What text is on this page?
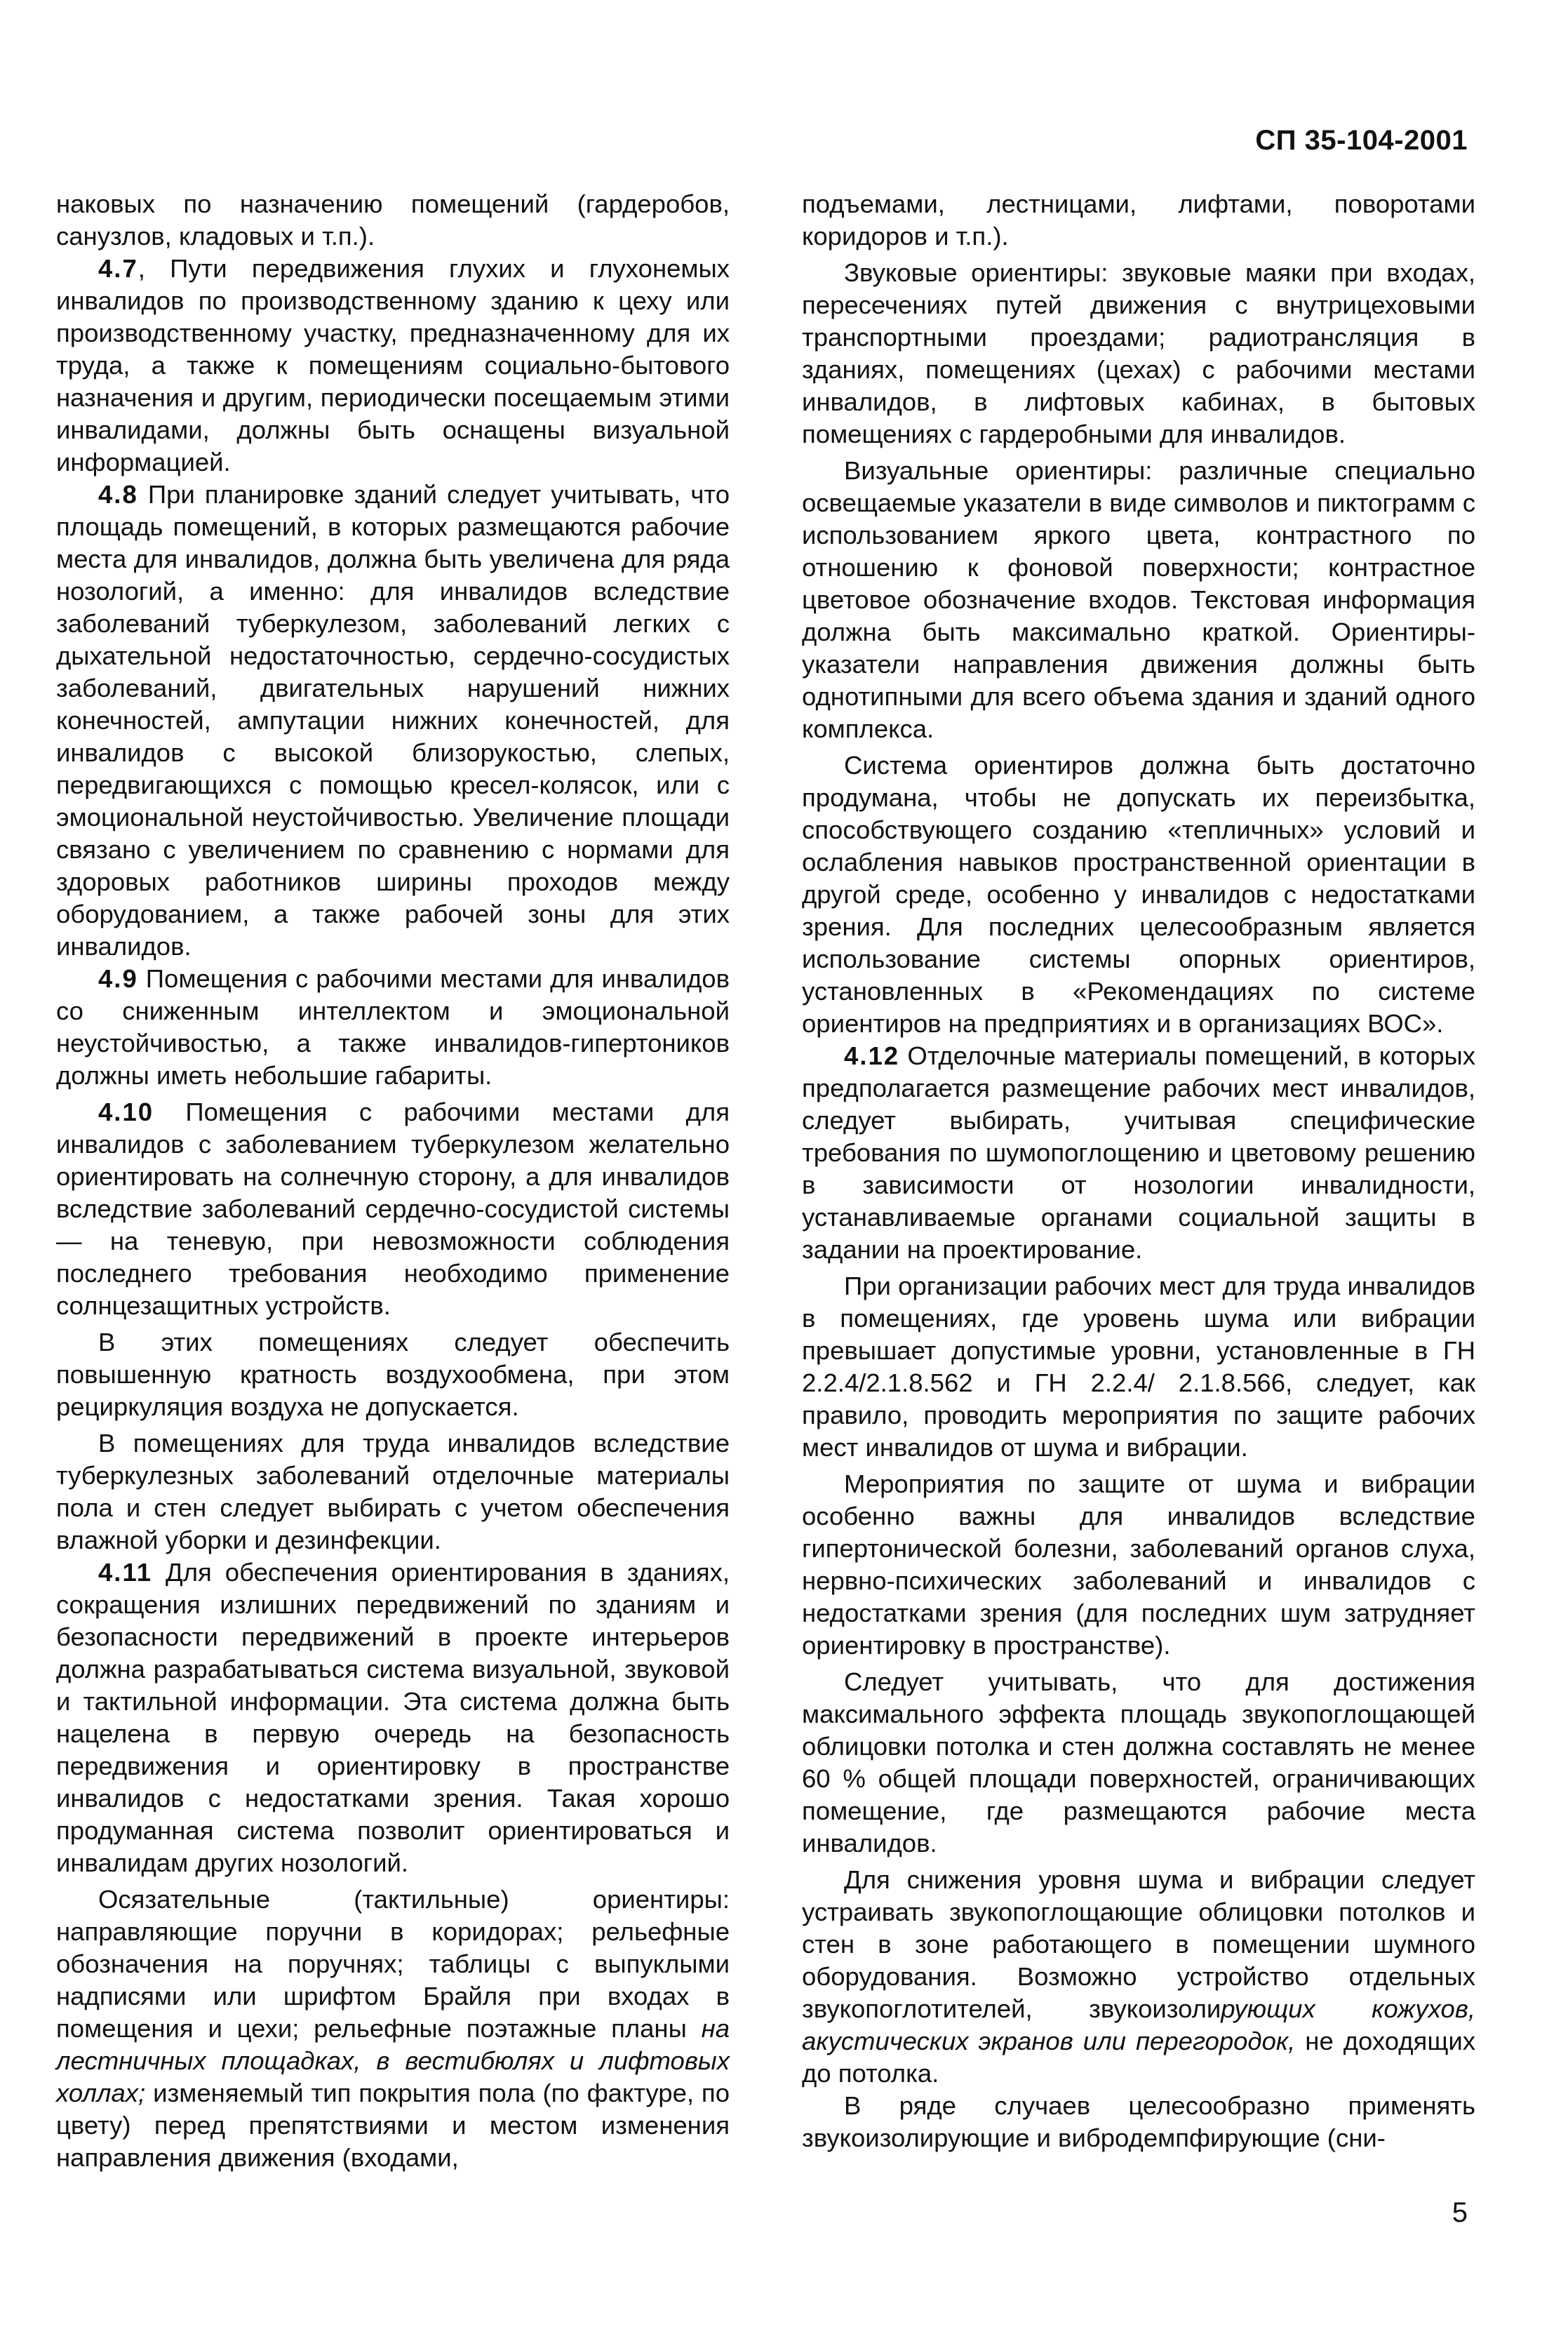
СП 35-104-2001

наковых по назначению помещений (гардеробов, санузлов, кладовых и т.п.).

4.7, Пути передвижения глухих и глухонемых инвалидов по производственному зданию к цеху или производственному участку, предназначенному для их труда, а также к помещениям социально-бытового назначения и другим, периодически посещаемым этими инвалидами, должны быть оснащены визуальной информацией.

4.8 При планировке зданий следует учитывать, что площадь помещений, в которых размещаются рабочие места для инвалидов, должна быть увеличена для ряда нозологий, а именно: для инвалидов вследствие заболеваний туберкулезом, заболеваний легких с дыхательной недостаточностью, сердечно-сосудистых заболеваний, двигательных нарушений нижних конечностей, ампутации нижних конечностей, для инвалидов с высокой близорукостью, слепых, передвигающихся с помощью кресел-колясок, или с эмоциональной неустойчивостью. Увеличение площади связано с увеличением по сравнению с нормами для здоровых работников ширины проходов между оборудованием, а также рабочей зоны для этих инвалидов.

4.9 Помещения с рабочими местами для инвалидов со сниженным интеллектом и эмоциональной неустойчивостью, а также инвалидов-гипертоников должны иметь небольшие габариты.

4.10 Помещения с рабочими местами для инвалидов с заболеванием туберкулезом желательно ориентировать на солнечную сторону, а для инвалидов вследствие заболеваний сердечно-сосудистой системы — на теневую, при невозможности соблюдения последнего требования необходимо применение солнцезащитных устройств.

В этих помещениях следует обеспечить повышенную кратность воздухообмена, при этом рециркуляция воздуха не допускается.

В помещениях для труда инвалидов вследствие туберкулезных заболеваний отделочные материалы пола и стен следует выбирать с учетом обеспечения влажной уборки и дезинфекции.

4.11 Для обеспечения ориентирования в зданиях, сокращения излишних передвижений по зданиям и безопасности передвижений в проекте интерьеров должна разрабатываться система визуальной, звуковой и тактильной информации. Эта система должна быть нацелена в первую очередь на безопасность передвижения и ориентировку в пространстве инвалидов с недостатками зрения. Такая хорошо продуманная система позволит ориентироваться и инвалидам других нозологий.

Осязательные (тактильные) ориентиры: направляющие поручни в коридорах; рельефные обозначения на поручнях; таблицы с выпуклыми надписями или шрифтом Брайля при входах в помещения и цехи; рельефные поэтажные планы на лестничных площадках, в вестибюлях и лифтовых холлах; изменяемый тип покрытия пола (по фактуре, по цвету) перед препятствиями и местом изменения направления движения (входами,

подъемами, лестницами, лифтами, поворотами коридоров и т.п.).

Звуковые ориентиры: звуковые маяки при входах, пересечениях путей движения с внутрицеховыми транспортными проездами; радиотрансляция в зданиях, помещениях (цехах) с рабочими местами инвалидов, в лифтовых кабинах, в бытовых помещениях с гардеробными для инвалидов.

Визуальные ориентиры: различные специально освещаемые указатели в виде символов и пиктограмм с использованием яркого цвета, контрастного по отношению к фоновой поверхности; контрастное цветовое обозначение входов. Текстовая информация должна быть максимально краткой. Ориентиры-указатели направления движения должны быть однотипными для всего объема здания и зданий одного комплекса.

Система ориентиров должна быть достаточно продумана, чтобы не допускать их переизбытка, способствующего созданию «тепличных» условий и ослабления навыков пространственной ориентации в другой среде, особенно у инвалидов с недостатками зрения. Для последних целесообразным является использование системы опорных ориентиров, установленных в «Рекомендациях по системе ориентиров на предприятиях и в организациях ВОС».

4.12 Отделочные материалы помещений, в которых предполагается размещение рабочих мест инвалидов, следует выбирать, учитывая специфические требования по шумопоглощению и цветовому решению в зависимости от нозологии инвалидности, устанавливаемые органами социальной защиты в задании на проектирование.

При организации рабочих мест для труда инвалидов в помещениях, где уровень шума или вибрации превышает допустимые уровни, установленные в ГН 2.2.4/2.1.8.562 и ГН 2.2.4/ 2.1.8.566, следует, как правило, проводить мероприятия по защите рабочих мест инвалидов от шума и вибрации.

Мероприятия по защите от шума и вибрации особенно важны для инвалидов вследствие гипертонической болезни, заболеваний органов слуха, нервно-психических заболеваний и инвалидов с недостатками зрения (для последних шум затрудняет ориентировку в пространстве).

Следует учитывать, что для достижения максимального эффекта площадь звукопоглощающей облицовки потолка и стен должна составлять не менее 60 % общей площади поверхностей, ограничивающих помещение, где размещаются рабочие места инвалидов.

Для снижения уровня шума и вибрации следует устраивать звукопоглощающие облицовки потолков и стен в зоне работающего в помещении шумного оборудования. Возможно устройство отдельных звукопоглотителей, звукоизолирующих кожухов, акустических экранов или перегородок, не доходящих до потолка.

В ряде случаев целесообразно применять звукоизолирующие и вибродемпфирующие (сни-

5
